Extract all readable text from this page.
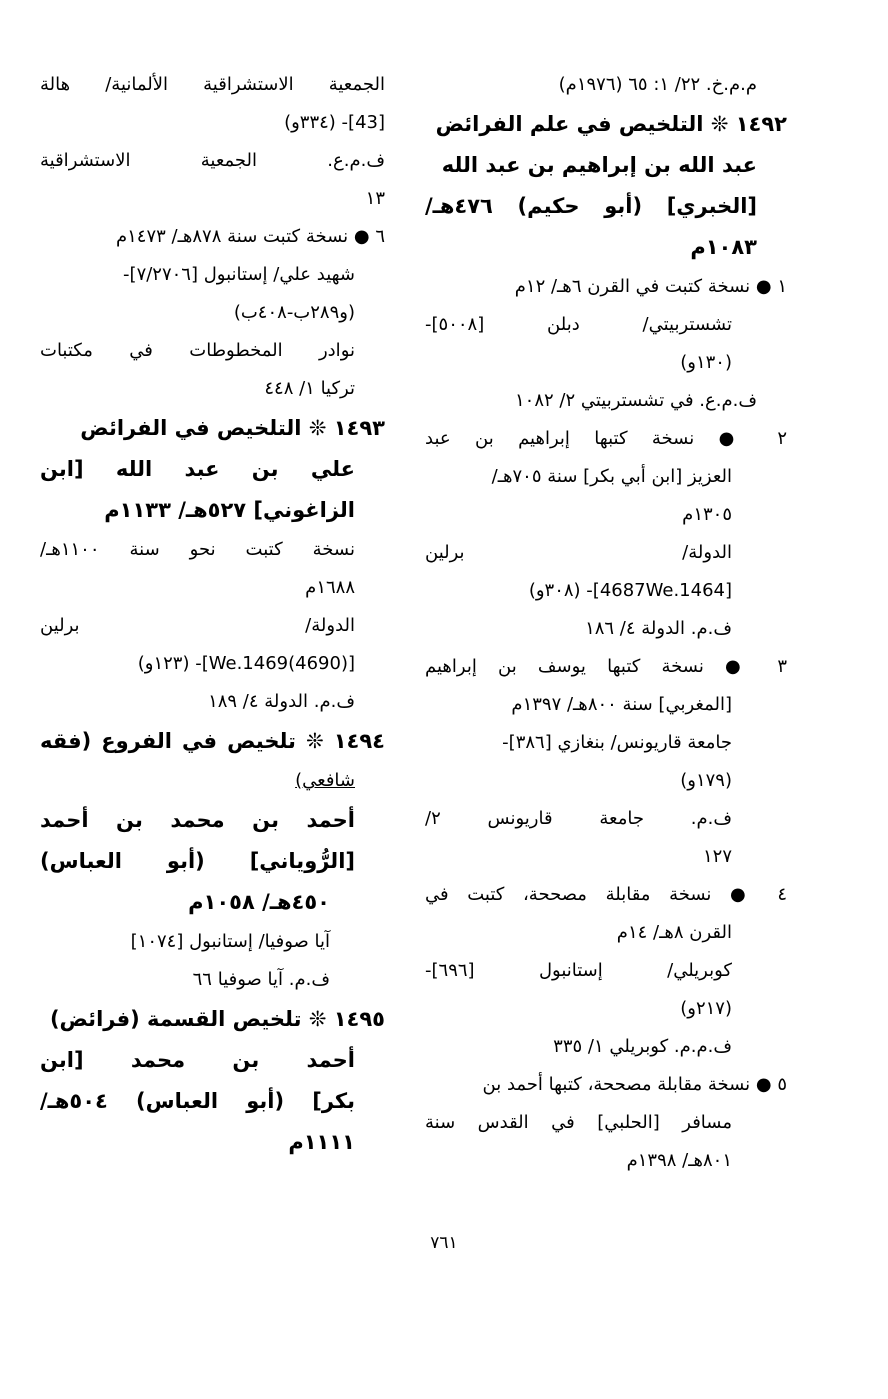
م.م.خ. ٢٢/ ١: ٦٥ (١٩٧٦م)
١٤٩٢ ❊ التلخيص في علم الفرائض
عبد الله بن إبراهيم بن عبد الله
[الخبري] (أبو حكيم) ٤٧٦هـ/
١٠٨٣م
١ ● نسخة كتبت في القرن ٦هـ/ ١٢م
تشستربيتي/ دبلن [٥٠٠٨]-
(١٣٠و)
ف.م.ع. في تشستربيتي ٢/ ١٠٨٢
٢ ● نسخة كتبها إبراهيم بن عبد
العزيز [ابن أبي بكر] سنة ٧٠٥هـ/
١٣٠٥م
الدولة/ برلين
[4687We.1464]- (٣٠٨و)
ف.م. الدولة ٤/ ١٨٦
٣ ● نسخة كتبها يوسف بن إبراهيم
[المغربي] سنة ٨٠٠هـ/ ١٣٩٧م
جامعة قاريونس/ بنغازي [٣٨٦]-
(١٧٩و)
ف.م. جامعة قاريونس ٢/
١٢٧
٤ ● نسخة مقابلة مصححة، كتبت في
القرن ٨هـ/ ١٤م
كوبريلي/ إستانبول [٦٩٦]-
(٢١٧و)
ف.م.م. كوبريلي ١/ ٣٣٥
٥ ● نسخة مقابلة مصححة، كتبها أحمد بن
مسافر [الحلبي] في القدس سنة
٨٠١هـ/ ١٣٩٨م
الجمعية الاستشراقية الألمانية/ هالة
[43]- (٣٣٤و)
ف.م.ع. الجمعية الاستشراقية
١٣
٦ ● نسخة كتبت سنة ٨٧٨هـ/ ١٤٧٣م
شهيد علي/ إستانبول [٧/٢٧٠٦]-
(و٢٨٩ب-٤٠٨ب)
نوادر المخطوطات في مكتبات
تركيا ١/ ٤٤٨
١٤٩٣ ❊ التلخيص في الفرائض
علي بن عبد الله [ابن
الزاغوني] ٥٢٧هـ/ ١١٣٣م
نسخة كتبت نحو سنة ١١٠٠هـ/
١٦٨٨م
الدولة/ برلين
[(4690)We.1469]- (١٢٣و)
ف.م. الدولة ٤/ ١٨٩
١٤٩٤ ❊ تلخيص في الفروع (فقه
شافعي)
أحمد بن محمد بن أحمد
[الرُّوياني] (أبو العباس)
٤٥٠هـ/ ١٠٥٨م
آيا صوفيا/ إستانبول [١٠٧٤]
ف.م. آيا صوفيا ٦٦
١٤٩٥ ❊ تلخيص القسمة (فرائض)
أحمد بن محمد [ابن
بكر] (أبو العباس) ٥٠٤هـ/
١١١١م
٧٦١
